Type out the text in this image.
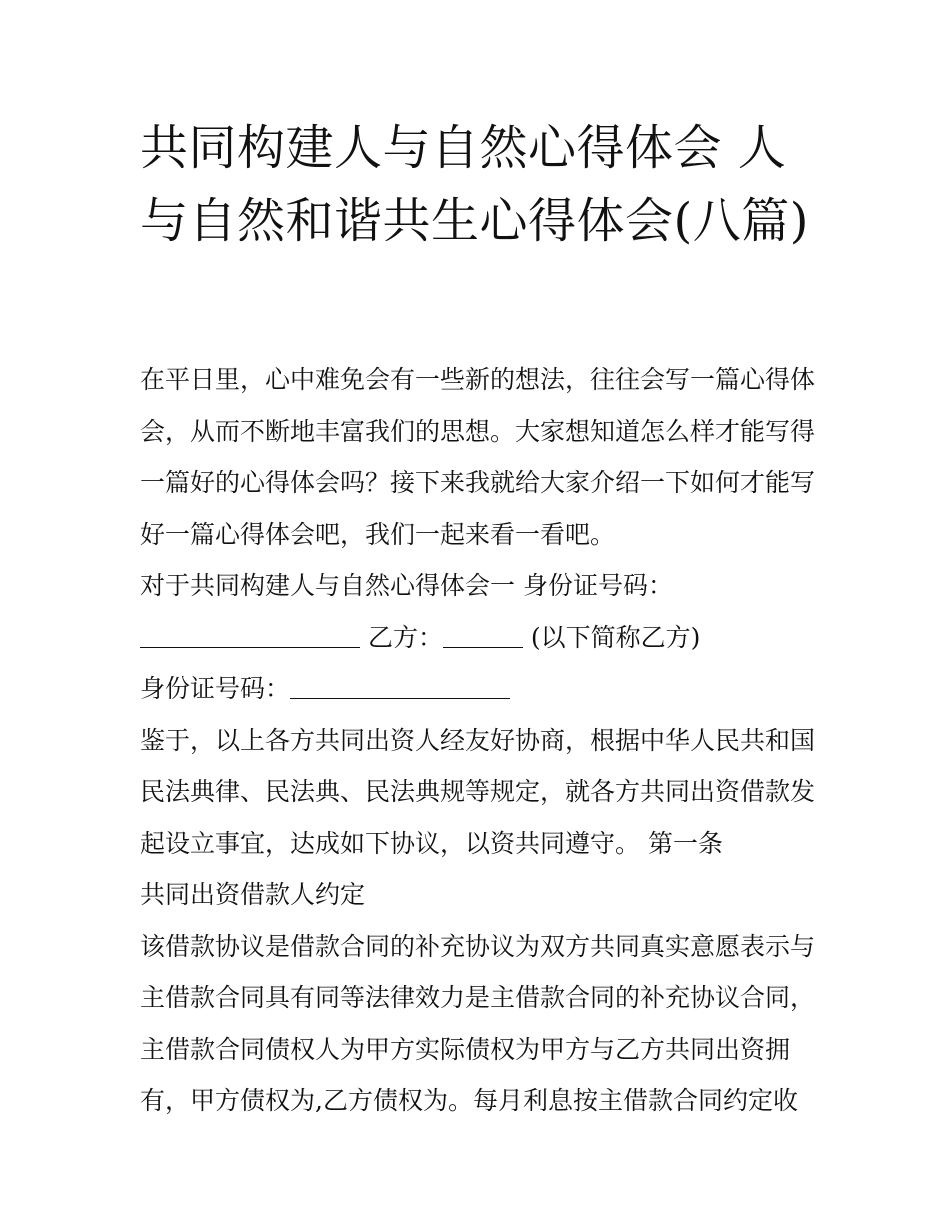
共同构建人与自然心得体会 人与自然和谐共生心得体会(八篇)
在平日里，心中难免会有一些新的想法，往往会写一篇心得体
会，从而不断地丰富我们的思想。大家想知道怎么样才能写得
一篇好的心得体会吗？接下来我就给大家介绍一下如何才能写
好一篇心得体会吧，我们一起来看一看吧。
对于共同构建人与自然心得体会一 身份证号码：
乙方：	(以下简称乙方)
身份证号码：
鉴于，以上各方共同出资人经友好协商，根据中华人民共和国
民法典律、民法典、民法典规等规定，就各方共同出资借款发
起设立事宜，达成如下协议，以资共同遵守。 第一条
共同出资借款人约定
该借款协议是借款合同的补充协议为双方共同真实意愿表示与
主借款合同具有同等法律效力是主借款合同的补充协议合同，
主借款合同债权人为甲方实际债权为甲方与乙方共同出资拥
有，甲方债权为,乙方债权为。每月利息按主借款合同约定收
